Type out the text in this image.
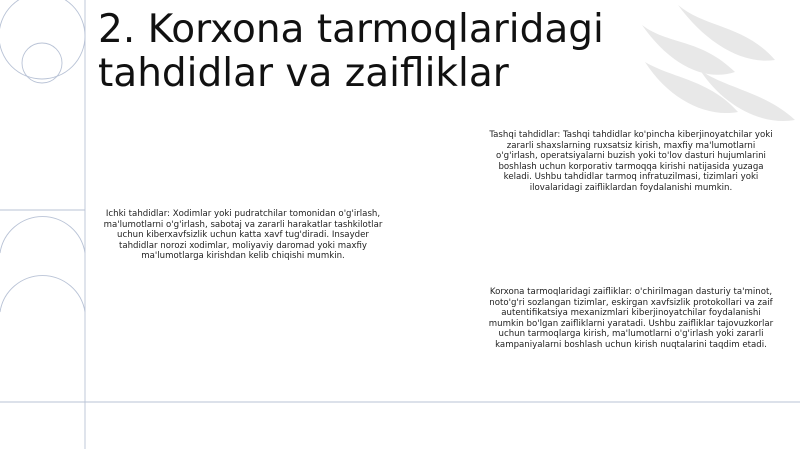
2. Korxona tarmoqlaridagi
tahdidlar va zaifliklar

Tashqi tahdidlar: Tashqi tahdidlar ko'pincha kiberjinoyatchilar yoki zararli shaxslarning ruxsatsiz kirish, maxfiy ma'lumotlarni o'g'irlash, operatsiyalarni buzish yoki to'lov dasturi hujumlarini boshlash uchun korporativ tarmoqqa kirishi natijasida yuzaga keladi. Ushbu tahdidlar tarmoq infratuzilmasi, tizimlari yoki ilovalaridagi zaifliklardan foydalanishi mumkin.

Ichki tahdidlar: Xodimlar yoki pudratchilar tomonidan o'g'irlash, ma'lumotlarni o'g'irlash, sabotaj va zararli harakatlar tashkilotlar uchun kiberxavfsizlik uchun katta xavf tug'diradi. Insayder tahdidlar norozi xodimlar, moliyaviy daromad yoki maxfiy ma'lumotlarga kirishdan kelib chiqishi mumkin.

Korxona tarmoqlaridagi zaifliklar: o'chirilmagan dasturiy ta'minot, noto'g'ri sozlangan tizimlar, eskirgan xavfsizlik protokollari va zaif autentifikatsiya mexanizmlari kiberjinoyatchilar foydalanishi mumkin bo'lgan zaifliklarni yaratadi. Ushbu zaifliklar tajovuzkorlar uchun tarmoqlarga kirish, ma'lumotlarni o'g'irlash yoki zararli kampaniyalarni boshlash uchun kirish nuqtalarini taqdim etadi.
